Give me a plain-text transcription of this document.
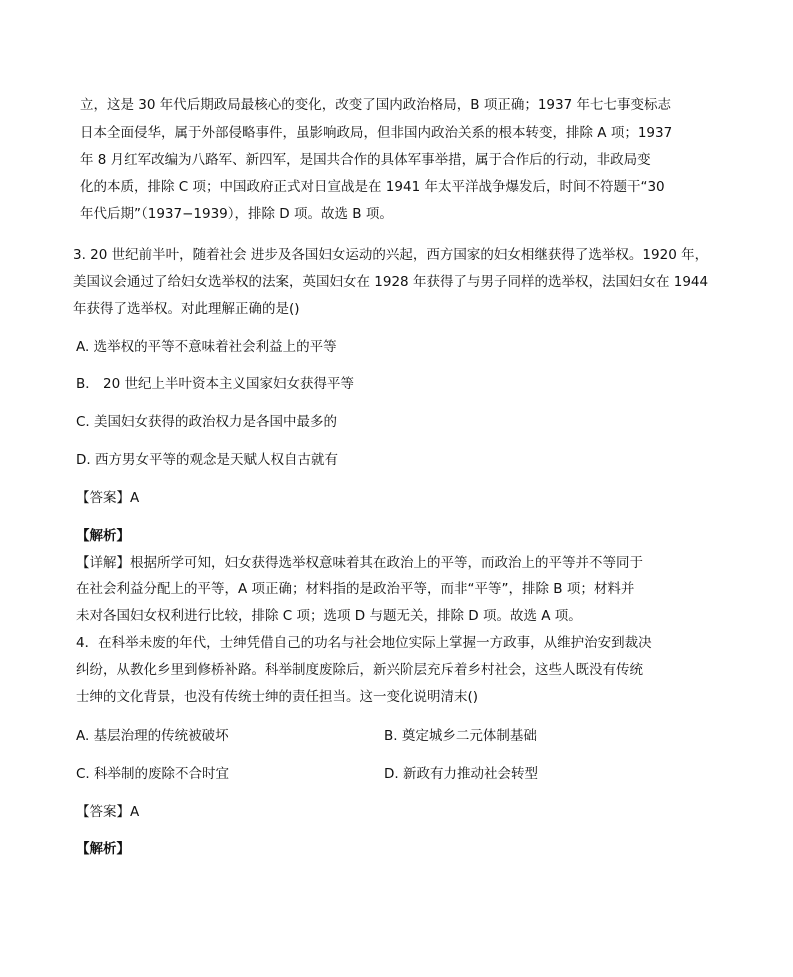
立，这是 30 年代后期政局最核心的变化，改变了国内政治格局，B 项正确；1937 年七七事变标志
日本全面侵华，属于外部侵略事件，虽影响政局，但非国内政治关系的根本转变，排除 A 项；1937
年 8 月红军改编为八路军、新四军，是国共合作的具体军事举措，属于合作后的行动，非政局变
化的本质，排除 C 项；中国政府正式对日宣战是在 1941 年太平洋战争爆发后，时间不符题干“30
年代后期”（1937−1939），排除 D 项。故选 B 项。
3. 20 世纪前半叶，随着社会 进步及各国妇女运动的兴起，西方国家的妇女相继获得了选举权。1920 年，
美国议会通过了给妇女选举权的法案，英国妇女在 1928 年获得了与男子同样的选举权，法国妇女在 1944
年获得了选举权。对此理解正确的是()
A. 选举权的平等不意味着社会利益上的平等
B． 20 世纪上半叶资本主义国家妇女获得平等
C. 美国妇女获得的政治权力是各国中最多的
D. 西方男女平等的观念是天赋人权自古就有
【答案】A
【解析】
【详解】根据所学可知，妇女获得选举权意味着其在政治上的平等，而政治上的平等并不等同于
在社会利益分配上的平等，A 项正确；材料指的是政治平等，而非“平等”，排除 B 项；材料并
未对各国妇女权利进行比较，排除 C 项；选项 D 与题无关，排除 D 项。故选 A 项。
4．在科举未废的年代，士绅凭借自己的功名与社会地位实际上掌握一方政事，从维护治安到裁决
纠纷，从教化乡里到修桥补路。科举制度废除后，新兴阶层充斥着乡村社会，这些人既没有传统
士绅的文化背景，也没有传统士绅的责任担当。这一变化说明清末()
A. 基层治理的传统被破坏	B. 奠定城乡二元体制基础
C. 科举制的废除不合时宜	D. 新政有力推动社会转型
【答案】A
【解析】
